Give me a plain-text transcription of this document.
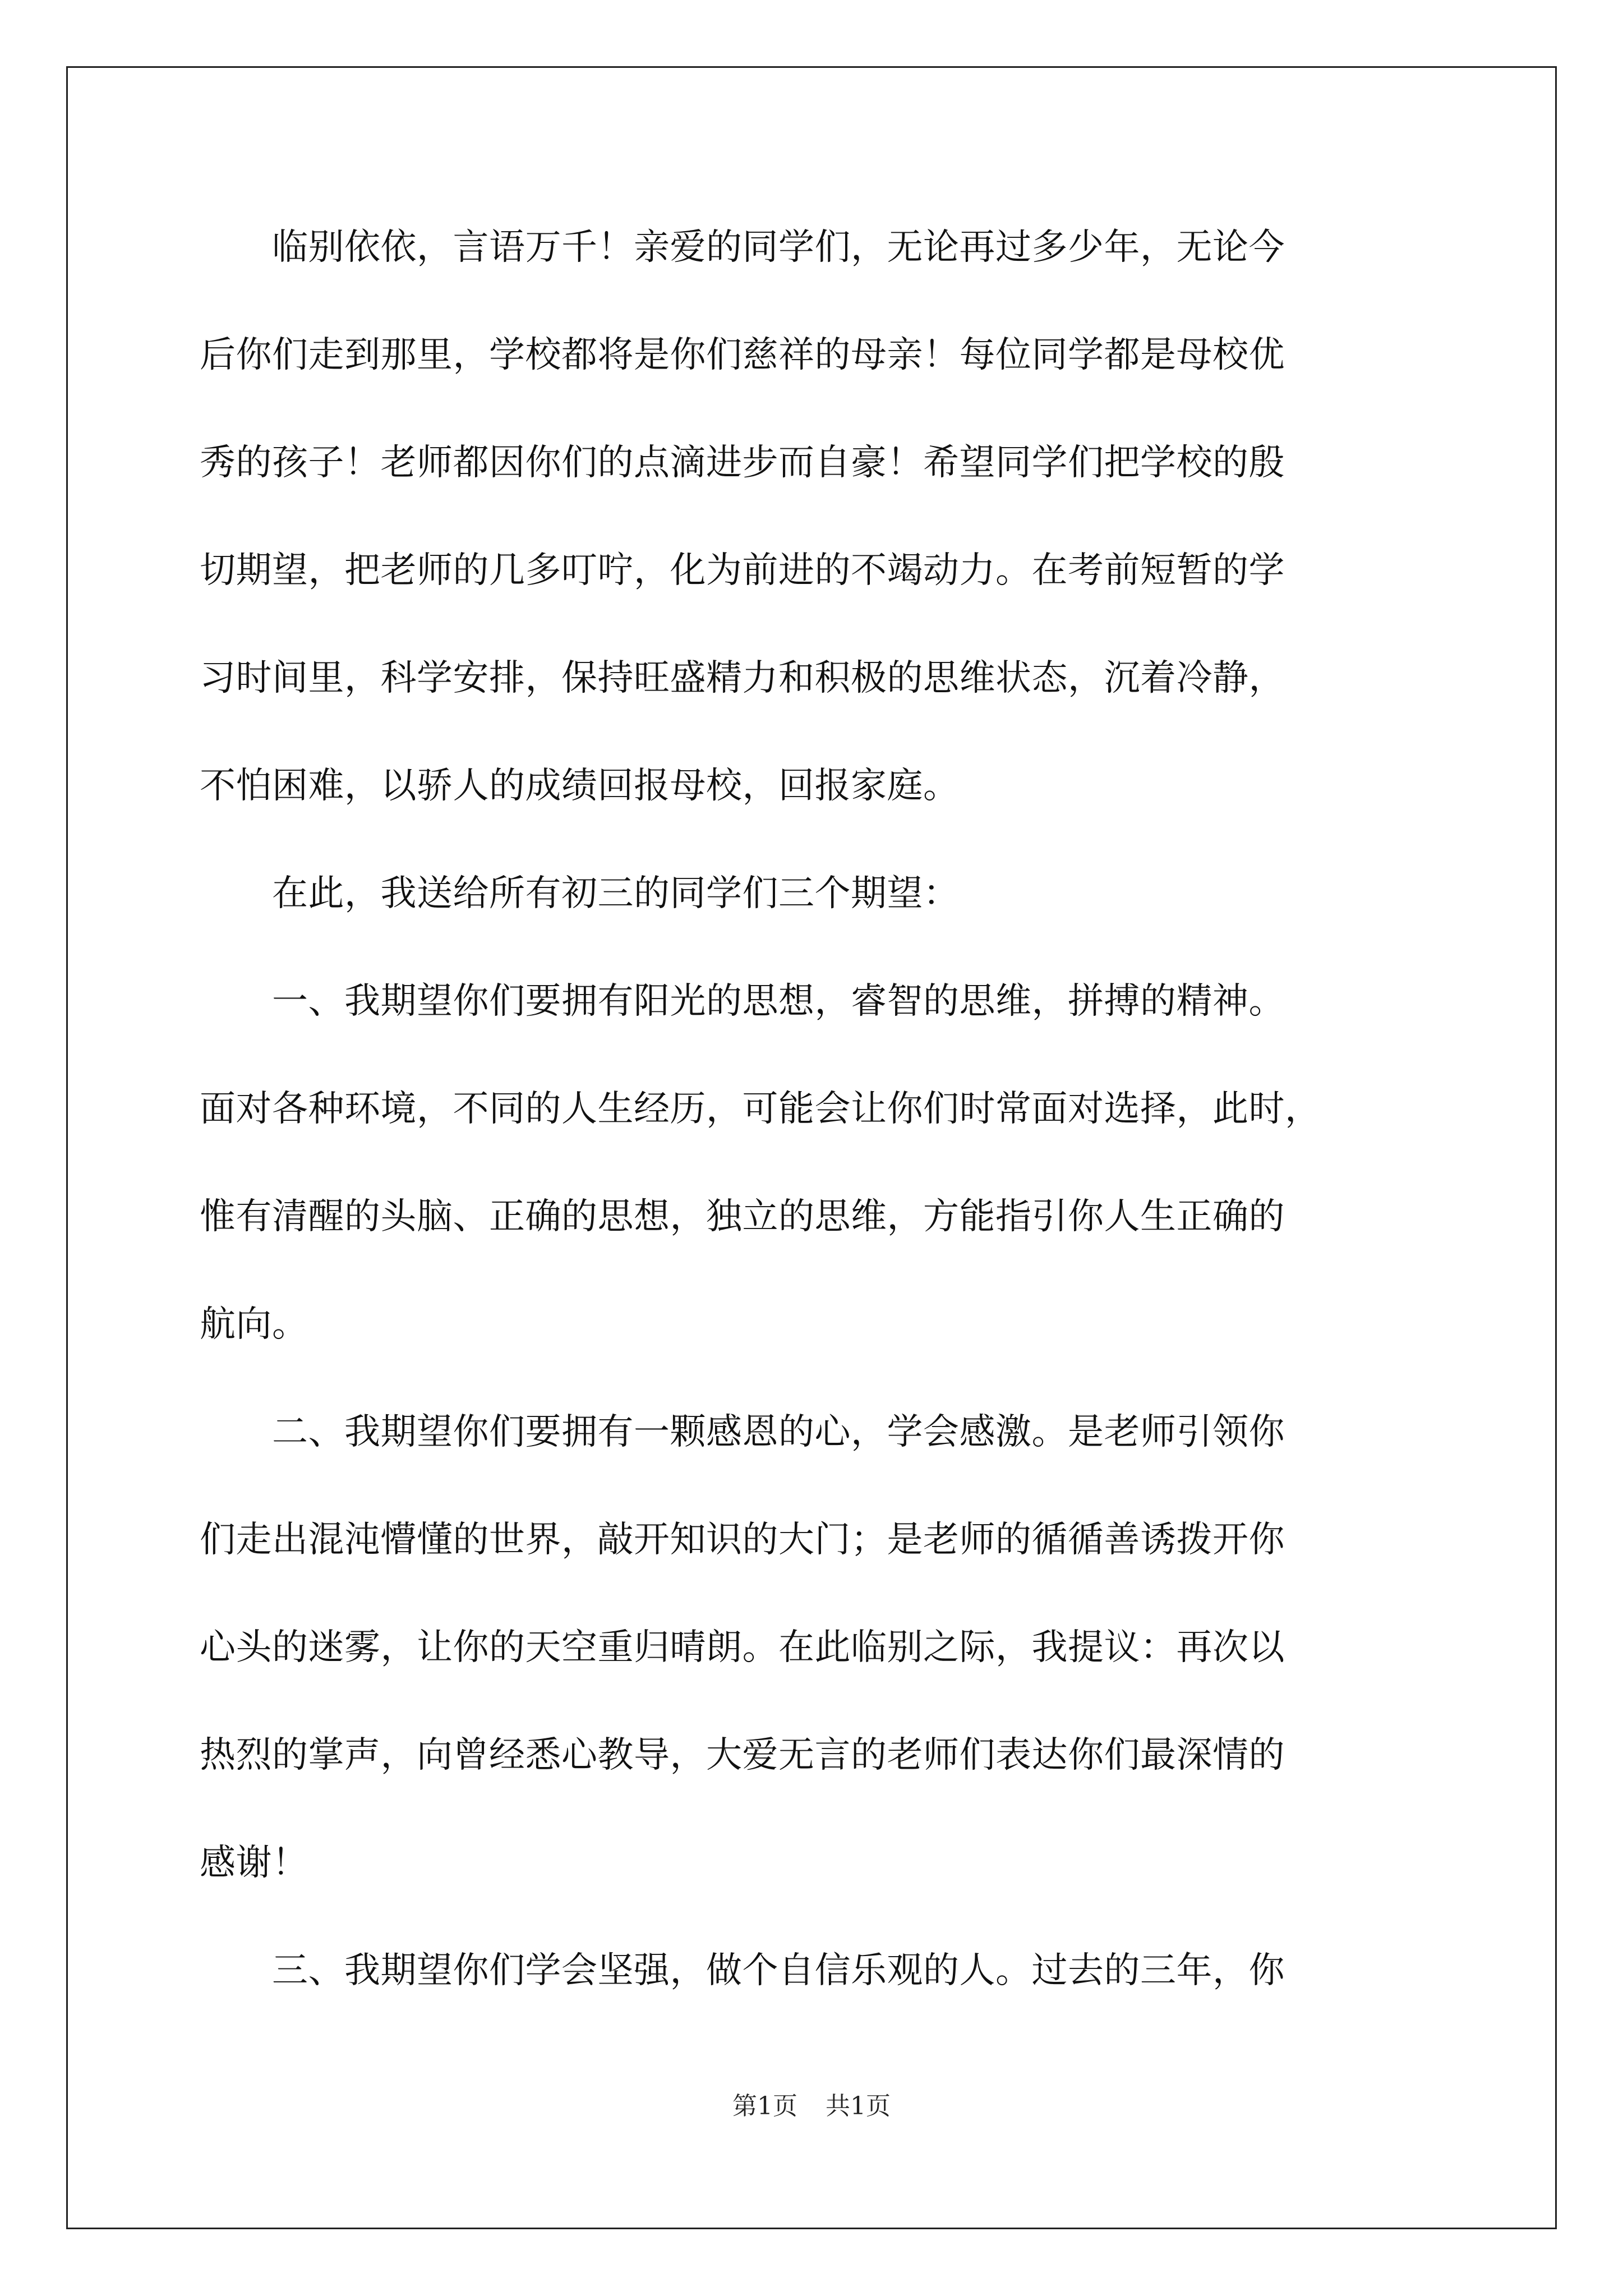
　　临别依依，言语万千！亲爱的同学们，无论再过多少年，无论今
后你们走到那里，学校都将是你们慈祥的母亲！每位同学都是母校优
秀的孩子！老师都因你们的点滴进步而自豪！希望同学们把学校的殷
切期望，把老师的几多叮咛，化为前进的不竭动力。在考前短暂的学
习时间里，科学安排，保持旺盛精力和积极的思维状态，沉着冷静，
不怕困难，以骄人的成绩回报母校，回报家庭。
　　在此，我送给所有初三的同学们三个期望：
　　一、我期望你们要拥有阳光的思想，睿智的思维，拼搏的精神。
面对各种环境，不同的人生经历，可能会让你们时常面对选择，此时，
惟有清醒的头脑、正确的思想，独立的思维，方能指引你人生正确的
航向。
　　二、我期望你们要拥有一颗感恩的心，学会感激。是老师引领你
们走出混沌懵懂的世界，敲开知识的大门；是老师的循循善诱拨开你
心头的迷雾，让你的天空重归晴朗。在此临别之际，我提议：再次以
热烈的掌声，向曾经悉心教导，大爱无言的老师们表达你们最深情的
感谢！
　　三、我期望你们学会坚强，做个自信乐观的人。过去的三年，你
第1页 共1页
